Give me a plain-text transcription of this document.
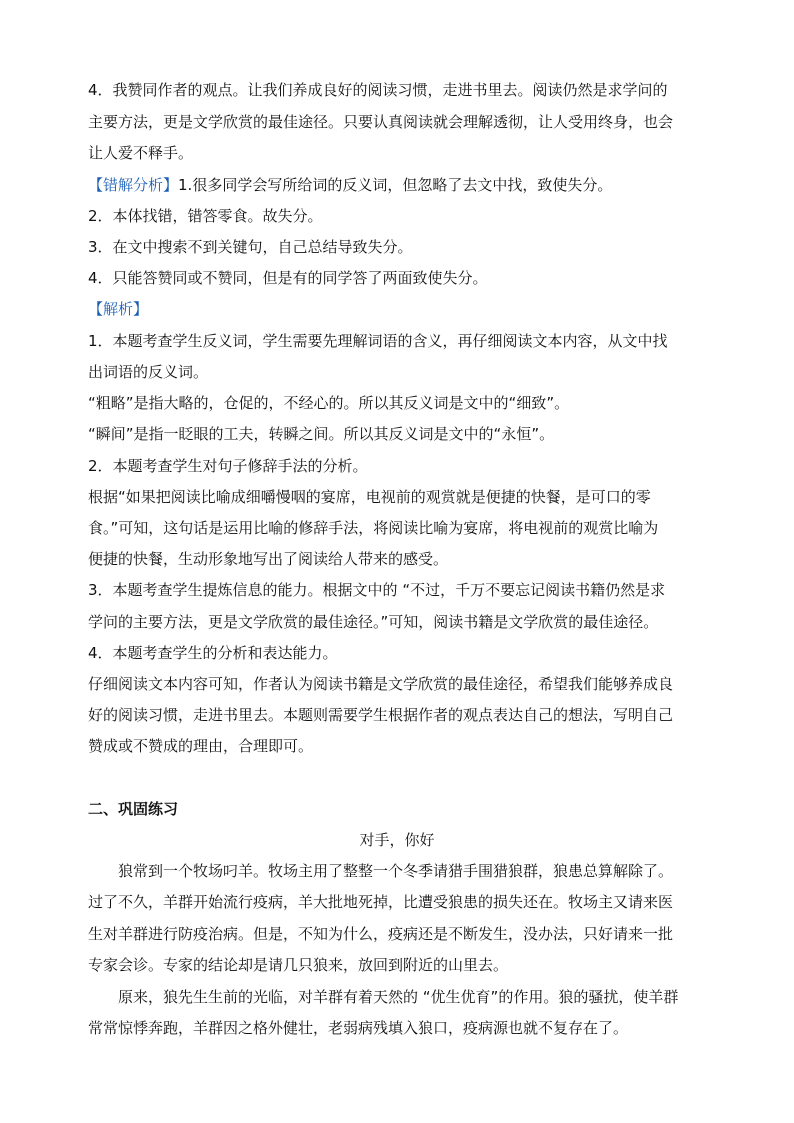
4．我赞同作者的观点。让我们养成良好的阅读习惯，走进书里去。阅读仍然是求学问的
主要方法，更是文学欣赏的最佳途径。只要认真阅读就会理解透彻，让人受用终身，也会
让人爱不释手。
【错解分析】1.很多同学会写所给词的反义词，但忽略了去文中找，致使失分。
2．本体找错，错答零食。故失分。
3．在文中搜索不到关键句，自己总结导致失分。
4．只能答赞同或不赞同，但是有的同学答了两面致使失分。
【解析】
1．本题考查学生反义词，学生需要先理解词语的含义，再仔细阅读文本内容，从文中找
出词语的反义词。
“粗略”是指大略的，仓促的，不经心的。所以其反义词是文中的“细致”。
“瞬间”是指一眨眼的工夫，转瞬之间。所以其反义词是文中的“永恒”。
2．本题考查学生对句子修辞手法的分析。
根据“如果把阅读比喻成细嚼慢咽的宴席，电视前的观赏就是便捷的快餐，是可口的零
食。”可知，这句话是运用比喻的修辞手法，将阅读比喻为宴席，将电视前的观赏比喻为
便捷的快餐，生动形象地写出了阅读给人带来的感受。
3．本题考查学生提炼信息的能力。根据文中的 “不过，千万不要忘记阅读书籍仍然是求
学问的主要方法，更是文学欣赏的最佳途径。”可知，阅读书籍是文学欣赏的最佳途径。
4．本题考查学生的分析和表达能力。
仔细阅读文本内容可知，作者认为阅读书籍是文学欣赏的最佳途径，希望我们能够养成良
好的阅读习惯，走进书里去。本题则需要学生根据作者的观点表达自己的想法，写明自己
赞成或不赞成的理由，合理即可。
二、巩固练习
对手，你好
狼常到一个牧场叼羊。牧场主用了整整一个冬季请猎手围猎狼群，狼患总算解除了。
过了不久，羊群开始流行疫病，羊大批地死掉，比遭受狼患的损失还在。牧场主又请来医
生对羊群进行防疫治病。但是，不知为什么，疫病还是不断发生，没办法，只好请来一批
专家会诊。专家的结论却是请几只狼来，放回到附近的山里去。
原来，狼先生生前的光临，对羊群有着天然的 “优生优育”的作用。狼的骚扰，使羊群
常常惊悸奔跑，羊群因之格外健壮，老弱病残填入狼口，疫病源也就不复存在了。
